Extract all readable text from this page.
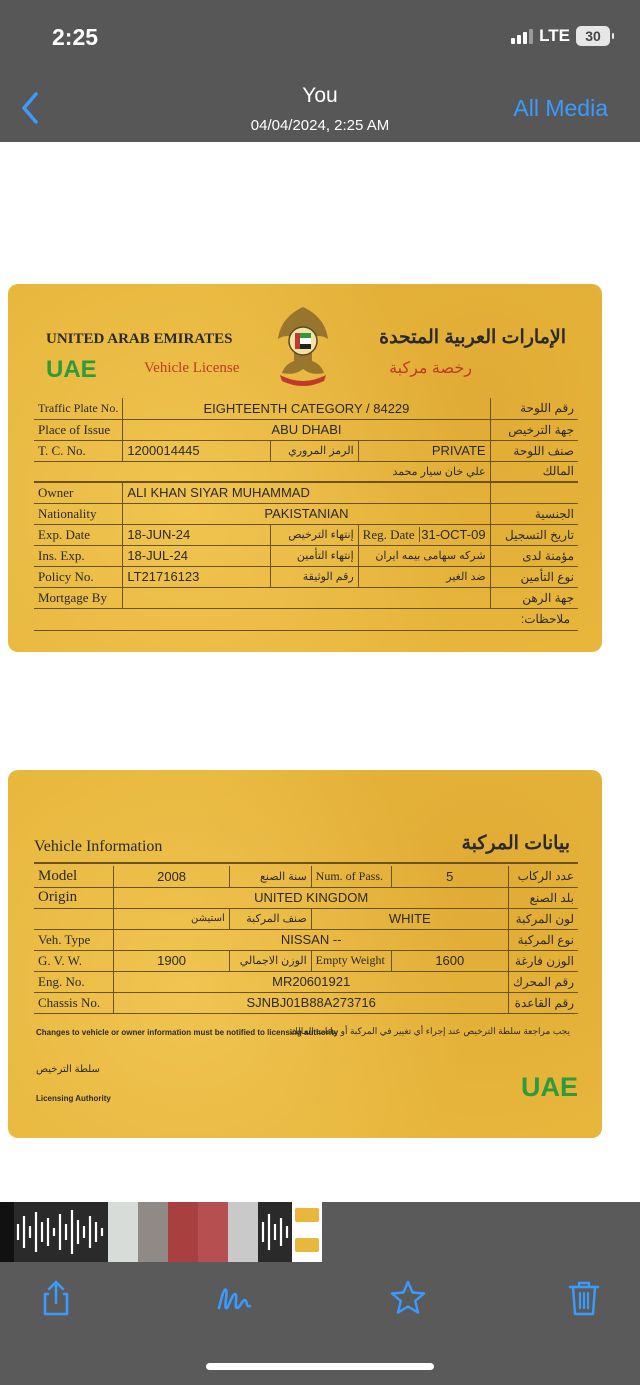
2:25	LTE	30
You
04/04/2024, 2:25 AM
All Media
UNITED ARAB EMIRATES
UAE	Vehicle License
الإمارات العربية المتحدة
رخصة مركبة
Traffic Plate No.	EIGHTEENTH CATEGORY / 84229			رقم اللوحة
Place of Issue	ABU DHABI			جهة الترخيص
T. C. No.	1200014445	الرمز المروري	PRIVATE	صنف اللوحة
	علي خان سيار محمد			المالك
Owner	ALI KHAN SIYAR MUHAMMAD			
Nationality	PAKISTANIAN			الجنسية
Exp. Date	18-JUN-24	إنتهاء الترخيص	Reg. Date 31-OCT-09	تاريخ التسجيل
Ins. Exp.	18-JUL-24	إنتهاء التأمين	شركه سهامى بيمه ايران	مؤمنة لدى
Policy No.	LT21716123	رقم الوثيقة	ضد الغير	نوع التأمين
Mortgage By				جهة الرهن
ملاحظات:
Vehicle Information	بيانات المركبة
Model	2008	سنة الصنع	Num. of Pass.	5	عدد الركاب
Origin	UNITED KINGDOM				بلد الصنع
	استيشن	صنف المركبة	WHITE		لون المركبة
Veh. Type	NISSAN --				نوع المركبة
G. V. W.	1900	الوزن الاجمالي	Empty Weight	1600	الوزن فارغة
Eng. No.	MR20601921				رقم المحرك
Chassis No.	SJNBJ01B88A273716				رقم القاعدة
Changes to vehicle or owner information must be notified to licensing authority
يجب مراجعة سلطة الترخيص عند إجراء أي تغيير في المركبة أو بيانات المالك
سلطة الترخيص
Licensing Authority	UAE
